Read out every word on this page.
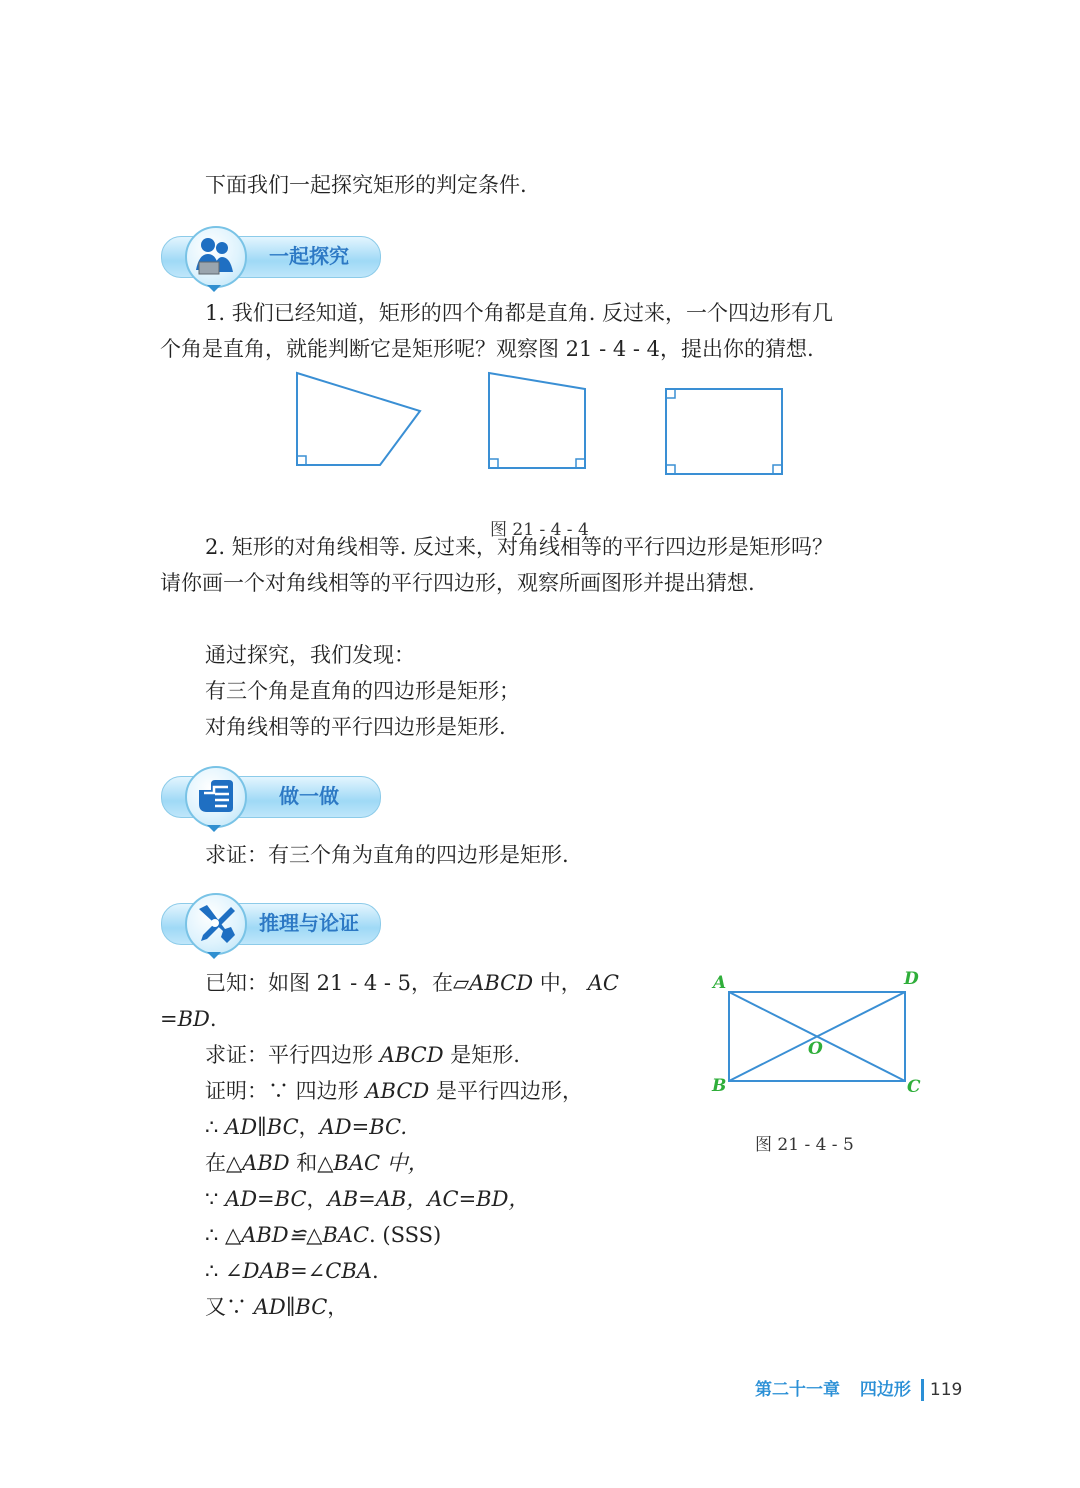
下面我们一起探究矩形的判定条件.

一起探究

1. 我们已经知道，矩形的四个角都是直角. 反过来，一个四边形有几

个角是直角，就能判断它是矩形呢？观察图 21 - 4 - 4，提出你的猜想.

图 21 - 4 - 4

2. 矩形的对角线相等. 反过来，对角线相等的平行四边形是矩形吗？

请你画一个对角线相等的平行四边形，观察所画图形并提出猜想.

通过探究，我们发现：

有三个角是直角的四边形是矩形；

对角线相等的平行四边形是矩形.

做一做

求证：有三个角为直角的四边形是矩形.

推理与论证

已知：如图 21 - 4 - 5，在▱ABCD 中， AC

=BD.

求证：平行四边形 ABCD 是矩形.

证明：∵ 四边形 ABCD 是平行四边形，

∴ AD∥BC，AD=BC.

在△ABD 和△BAC 中，

∵ AD=BC，AB=AB，AC=BD，

∴ △ABD≌△BAC. (SSS)

∴ ∠DAB=∠CBA.

又∵ AD∥BC，

A	D
B	C
O

图 21 - 4 - 5

第二十一章 四边形 119
